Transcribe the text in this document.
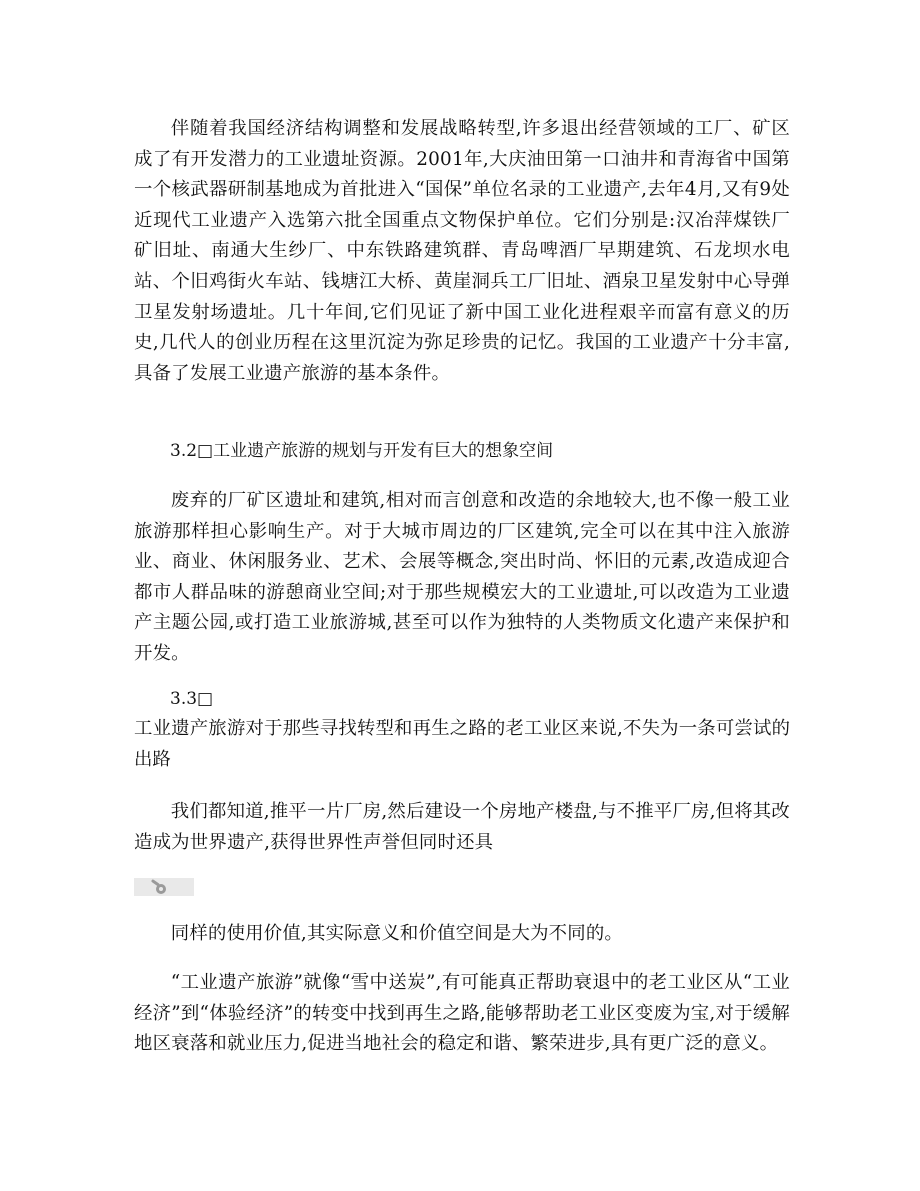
伴随着我国经济结构调整和发展战略转型,许多退出经营领域的工厂、矿区成了有开发潜力的工业遗址资源。2001年,大庆油田第一口油井和青海省中国第一个核武器研制基地成为首批进入“国保”单位名录的工业遗产,去年4月,又有9处近现代工业遗产入选第六批全国重点文物保护单位。它们分别是:汉冶萍煤铁厂矿旧址、南通大生纱厂、中东铁路建筑群、青岛啤酒厂早期建筑、石龙坝水电站、个旧鸡街火车站、钱塘江大桥、黄崖洞兵工厂旧址、酒泉卫星发射中心导弹卫星发射场遗址。几十年间,它们见证了新中国工业化进程艰辛而富有意义的历史,几代人的创业历程在这里沉淀为弥足珍贵的记忆。我国的工业遗产十分丰富,具备了发展工业遗产旅游的基本条件。

3.2□工业遗产旅游的规划与开发有巨大的想象空间

废弃的厂矿区遗址和建筑,相对而言创意和改造的余地较大,也不像一般工业旅游那样担心影响生产。对于大城市周边的厂区建筑,完全可以在其中注入旅游业、商业、休闲服务业、艺术、会展等概念,突出时尚、怀旧的元素,改造成迎合都市人群品味的游憩商业空间;对于那些规模宏大的工业遗址,可以改造为工业遗产主题公园,或打造工业旅游城,甚至可以作为独特的人类物质文化遗产来保护和开发。

3.3□

工业遗产旅游对于那些寻找转型和再生之路的老工业区来说,不失为一条可尝试的出路

我们都知道,推平一片厂房,然后建设一个房地产楼盘,与不推平厂房,但将其改造成为世界遗产,获得世界性声誉但同时还具

同样的使用价值,其实际意义和价值空间是大为不同的。

“工业遗产旅游”就像“雪中送炭”,有可能真正帮助衰退中的老工业区从“工业经济”到“体验经济”的转变中找到再生之路,能够帮助老工业区变废为宝,对于缓解地区衰落和就业压力,促进当地社会的稳定和谐、繁荣进步,具有更广泛的意义。
